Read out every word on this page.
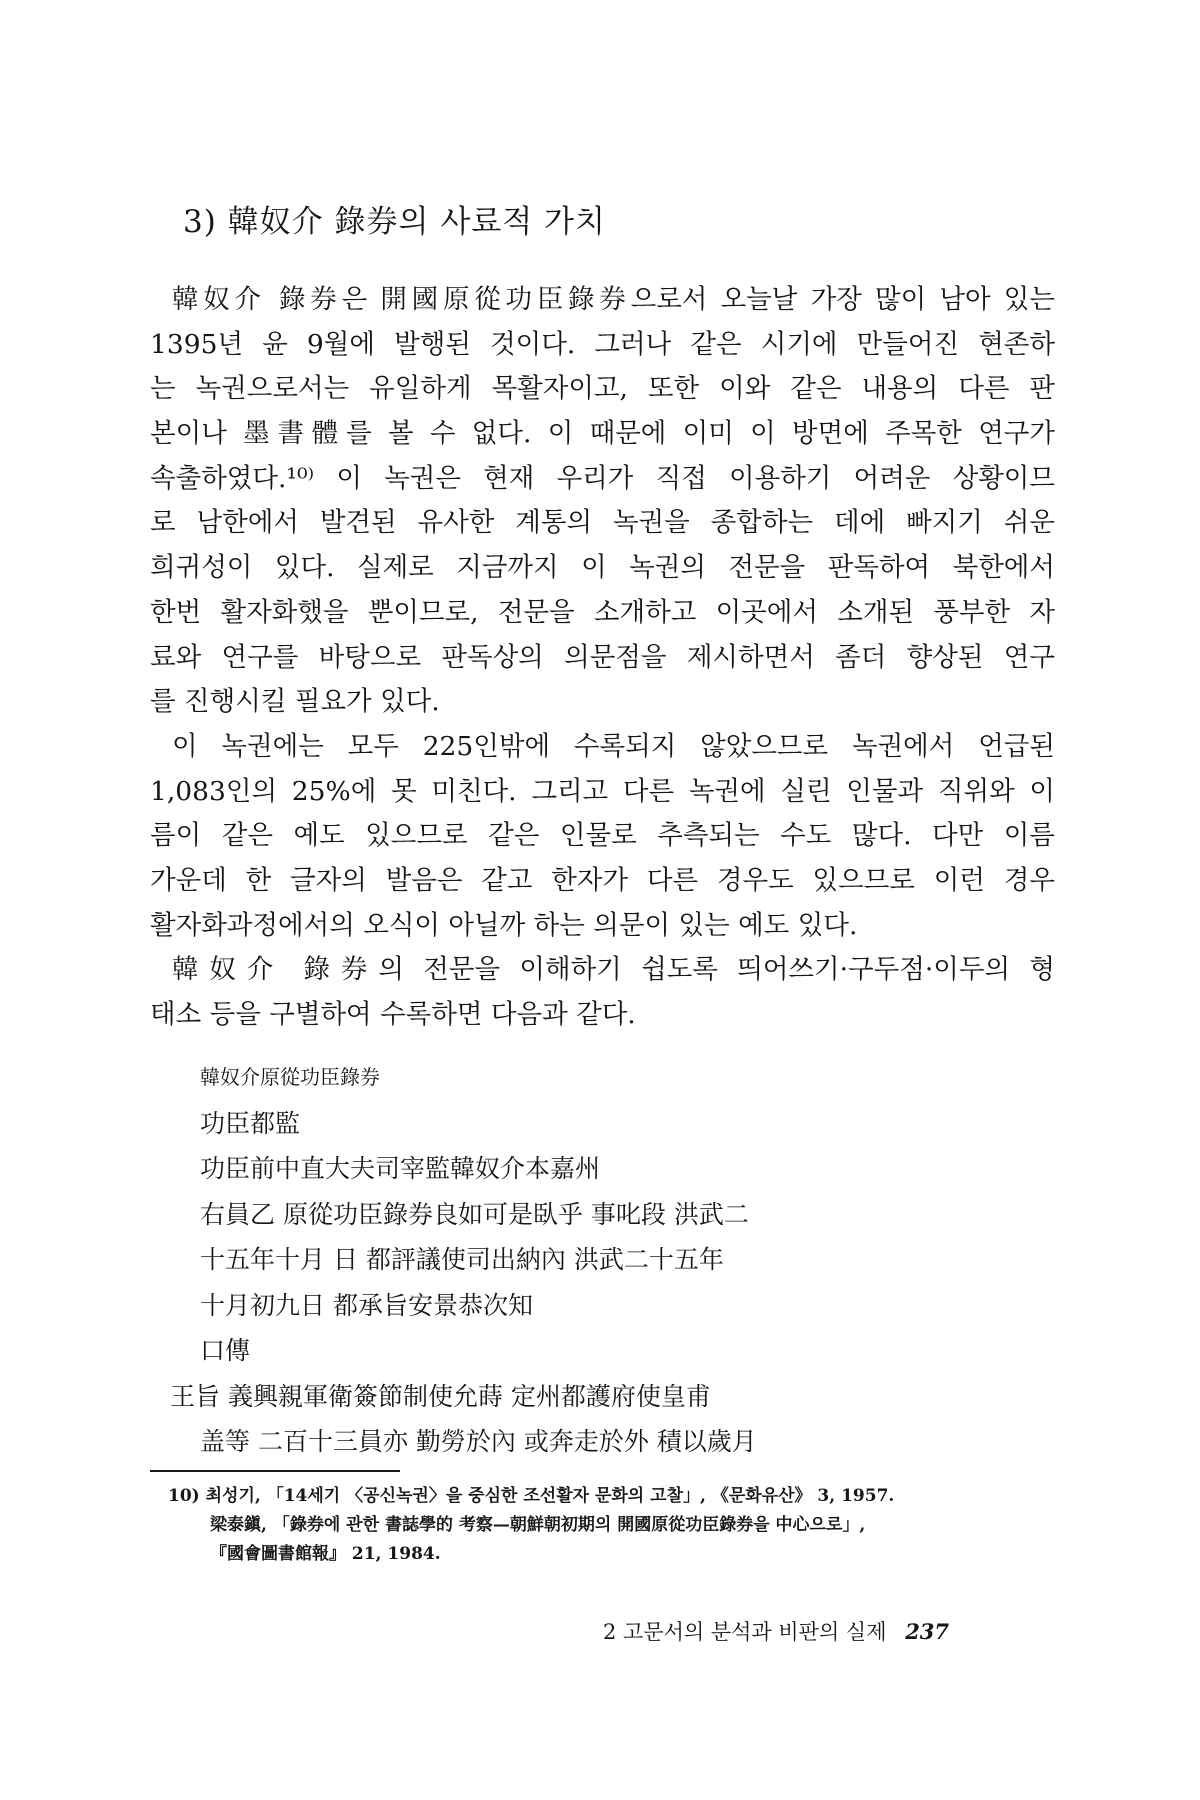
3) 韓奴介 錄券의 사료적 가치
韓奴介 錄券은 開國原從功臣錄券으로서 오늘날 가장 많이 남아 있는
1395년 윤 9월에 발행된 것이다. 그러나 같은 시기에 만들어진 현존하
는 녹권으로서는 유일하게 목활자이고, 또한 이와 같은 내용의 다른 판
본이나 墨書體를 볼 수 없다. 이 때문에 이미 이 방면에 주목한 연구가
속출하였다.¹⁰⁾ 이 녹권은 현재 우리가 직접 이용하기 어려운 상황이므
로 남한에서 발견된 유사한 계통의 녹권을 종합하는 데에 빠지기 쉬운
희귀성이 있다. 실제로 지금까지 이 녹권의 전문을 판독하여 북한에서
한번 활자화했을 뿐이므로, 전문을 소개하고 이곳에서 소개된 풍부한 자
료와 연구를 바탕으로 판독상의 의문점을 제시하면서 좀더 향상된 연구
를 진행시킬 필요가 있다.
이 녹권에는 모두 225인밖에 수록되지 않았으므로 녹권에서 언급된
1,083인의 25%에 못 미친다. 그리고 다른 녹권에 실린 인물과 직위와 이
름이 같은 예도 있으므로 같은 인물로 추측되는 수도 많다. 다만 이름
가운데 한 글자의 발음은 같고 한자가 다른 경우도 있으므로 이런 경우
활자화과정에서의 오식이 아닐까 하는 의문이 있는 예도 있다.
韓奴介 錄券의 전문을 이해하기 쉽도록 띄어쓰기·구두점·이두의 형
태소 등을 구별하여 수록하면 다음과 같다.
韓奴介原從功臣錄券
功臣都監
功臣前中直大夫司宰監韓奴介本嘉州
右員乙 原從功臣錄券良如可是臥乎 事叱段 洪武二
十五年十月 日 都評議使司出納內 洪武二十五年
十月初九日 都承旨安景恭次知
口傳
王旨 義興親軍衛簽節制使允蒔 定州都護府使皇甫
盖等 二百十三員亦 勤勞於內 或奔走於外 積以歲月
10) 최성기, 「14세기 〈공신녹권〉을 중심한 조선활자 문화의 고찰」, 《문화유산》 3, 1957.
梁泰鎭, 「錄券에 관한 書誌學的 考察—朝鮮朝初期의 開國原從功臣錄券을 中心으로」,
『國會圖書館報』 21, 1984.
2 고문서의 분석과 비판의 실제 237
